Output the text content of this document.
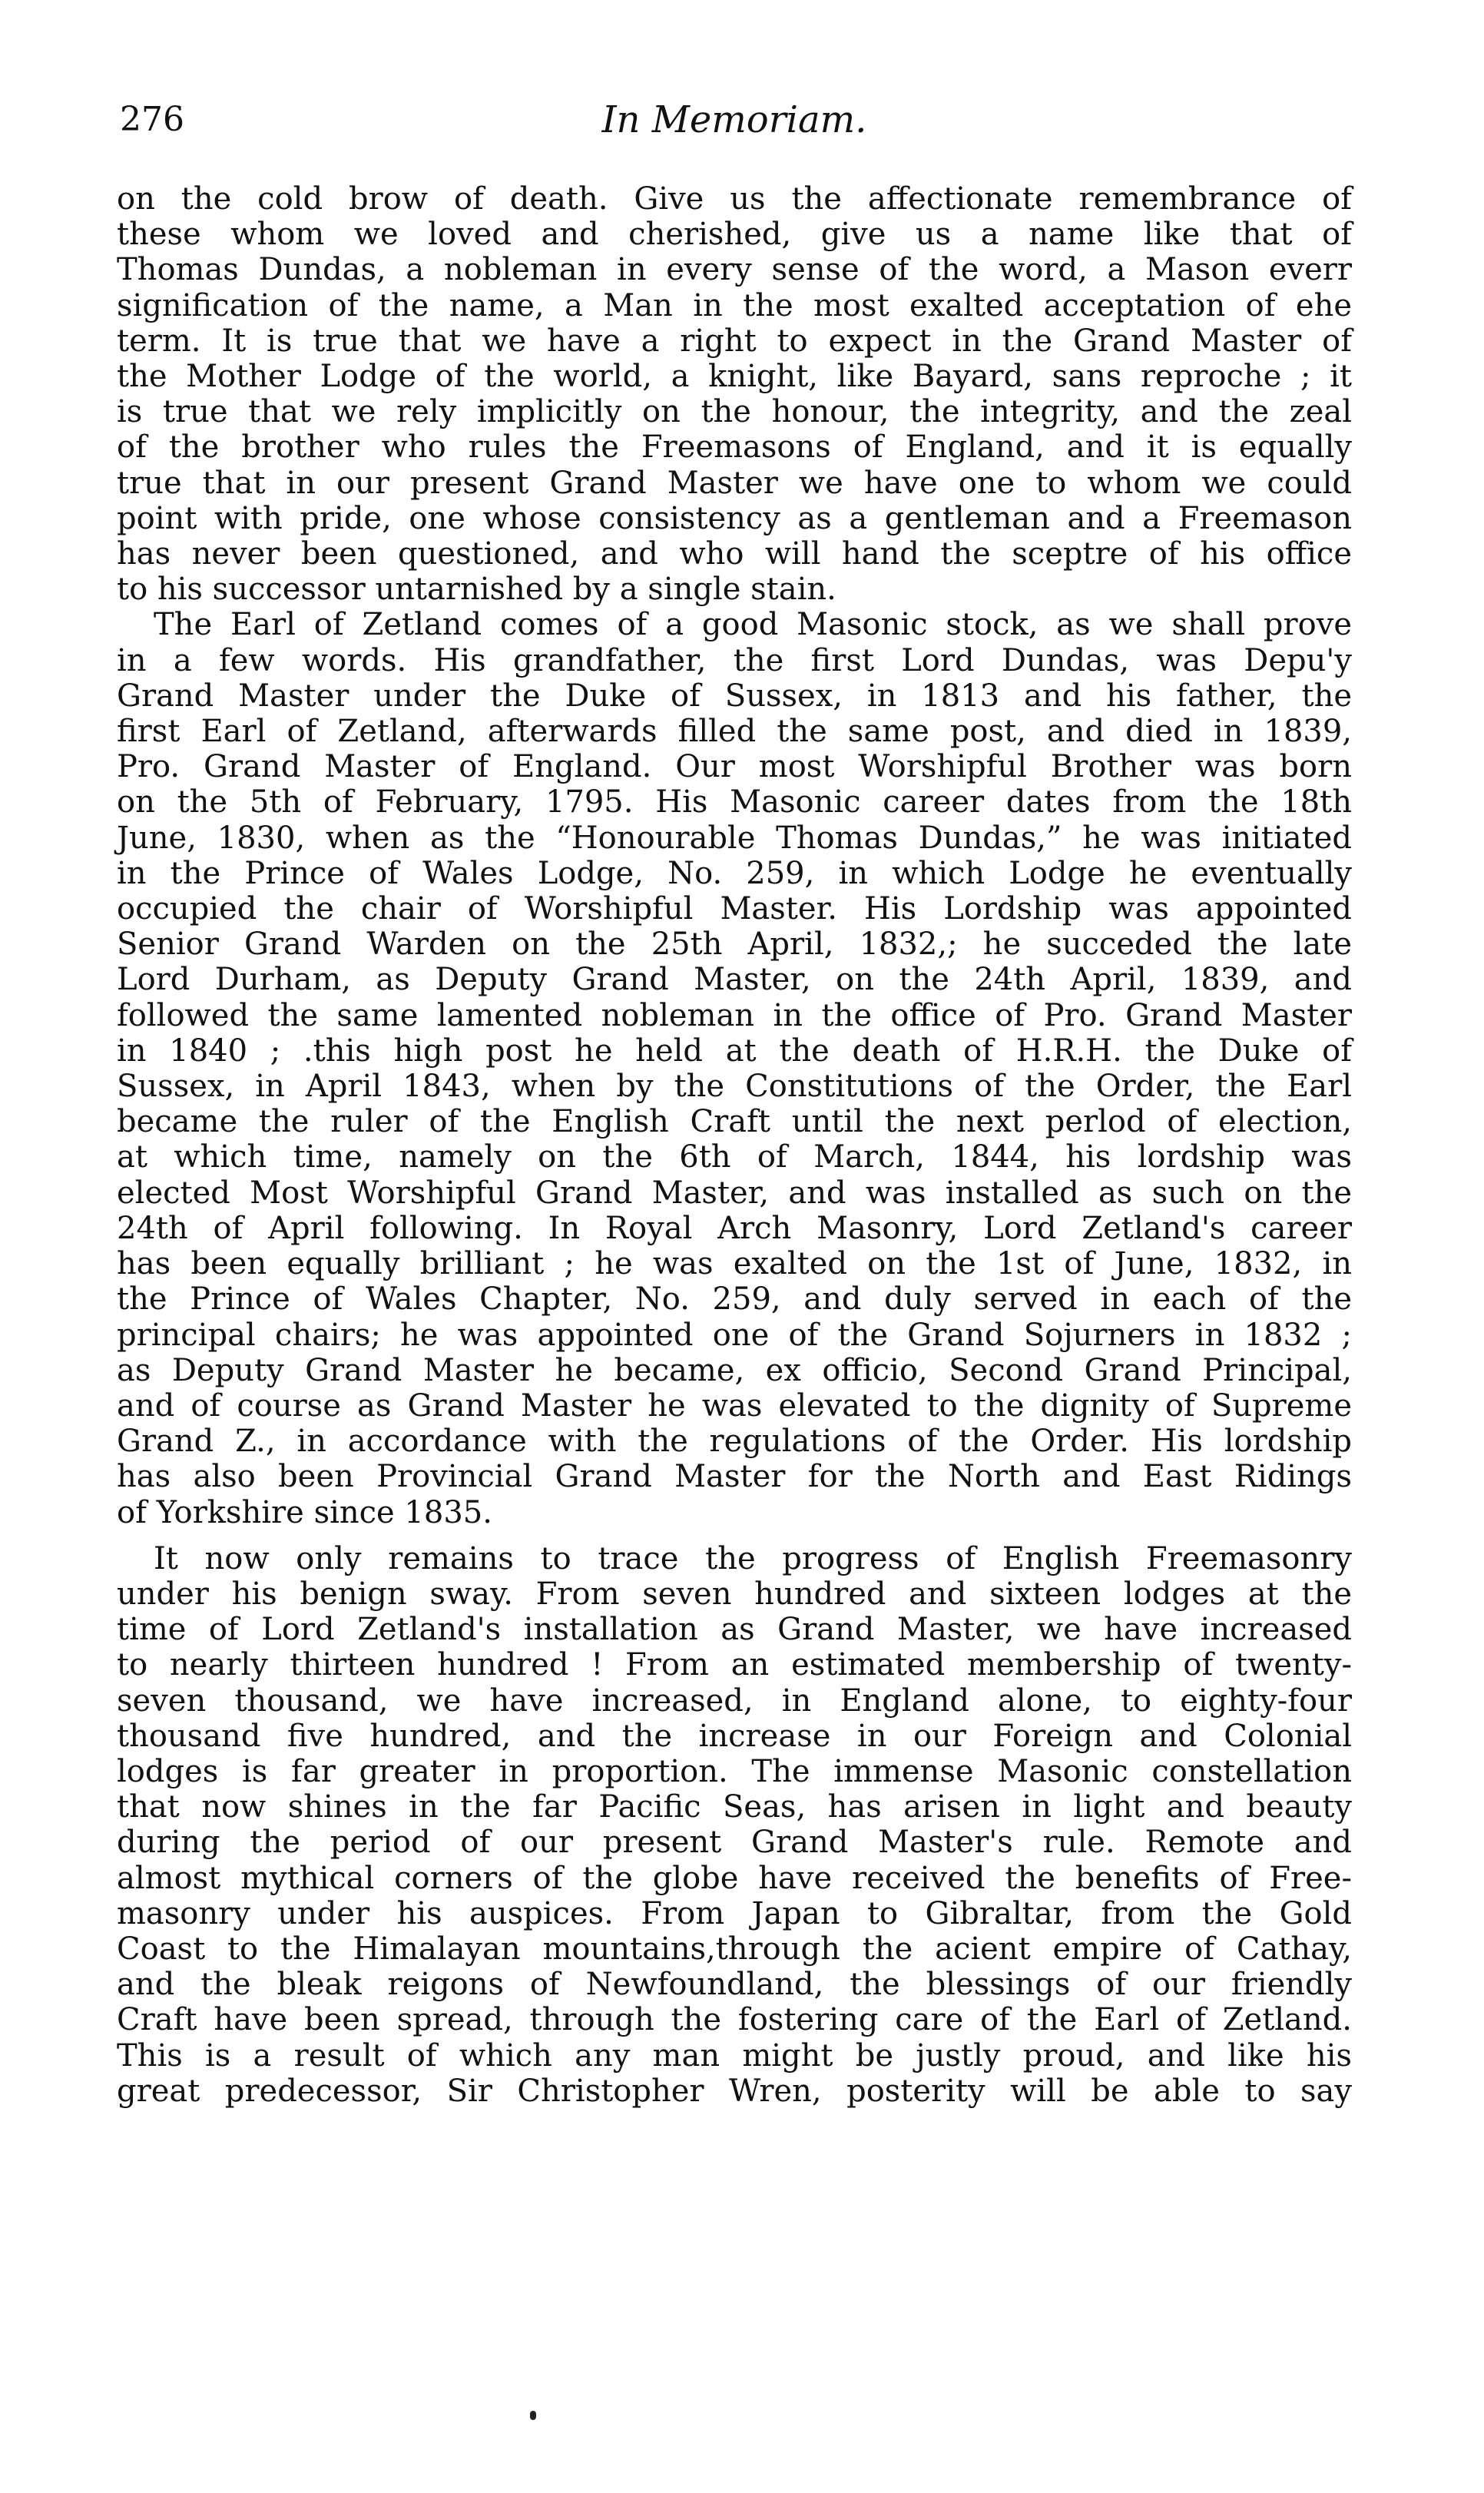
276	In Memoriam.
on the cold brow of death. Give us the affectionate remembrance of
these whom we loved and cherished, give us a name like that of
Thomas Dundas, a nobleman in every sense of the word, a Mason everr
signification of the name, a Man in the most exalted acceptation of ehe
term. It is true that we have a right to expect in the Grand Master of
the Mother Lodge of the world, a knight, like Bayard, sans reproche ; it
is true that we rely implicitly on the honour, the integrity, and the zeal
of the brother who rules the Freemasons of England, and it is equally
true that in our present Grand Master we have one to whom we could
point with pride, one whose consistency as a gentleman and a Freemason
has never been questioned, and who will hand the sceptre of his office
to his successor untarnished by a single stain.
The Earl of Zetland comes of a good Masonic stock, as we shall prove
in a few words. His grandfather, the first Lord Dundas, was Depu'y
Grand Master under the Duke of Sussex, in 1813 and his father, the
first Earl of Zetland, afterwards filled the same post, and died in 1839,
Pro. Grand Master of England. Our most Worshipful Brother was born
on the 5th of February, 1795. His Masonic career dates from the 18th
June, 1830, when as the “Honourable Thomas Dundas,” he was initiated
in the Prince of Wales Lodge, No. 259, in which Lodge he eventually
occupied the chair of Worshipful Master. His Lordship was appointed
Senior Grand Warden on the 25th April, 1832,; he succeded the late
Lord Durham, as Deputy Grand Master, on the 24th April, 1839, and
followed the same lamented nobleman in the office of Pro. Grand Master
in 1840 ; .this high post he held at the death of H.R.H. the Duke of
Sussex, in April 1843, when by the Constitutions of the Order, the Earl
became the ruler of the English Craft until the next perlod of election,
at which time, namely on the 6th of March, 1844, his lordship was
elected Most Worshipful Grand Master, and was installed as such on the
24th of April following. In Royal Arch Masonry, Lord Zetland's career
has been equally brilliant ; he was exalted on the 1st of June, 1832, in
the Prince of Wales Chapter, No. 259, and duly served in each of the
principal chairs; he was appointed one of the Grand Sojurners in 1832 ;
as Deputy Grand Master he became, ex officio, Second Grand Principal,
and of course as Grand Master he was elevated to the dignity of Supreme
Grand Z., in accordance with the regulations of the Order. His lordship
has also been Provincial Grand Master for the North and East Ridings
of Yorkshire since 1835.
It now only remains to trace the progress of English Freemasonry
under his benign sway. From seven hundred and sixteen lodges at the
time of Lord Zetland's installation as Grand Master, we have increased
to nearly thirteen hundred ! From an estimated membership of twenty-
seven thousand, we have increased, in England alone, to eighty-four
thousand five hundred, and the increase in our Foreign and Colonial
lodges is far greater in proportion. The immense Masonic constellation
that now shines in the far Pacific Seas, has arisen in light and beauty
during the period of our present Grand Master's rule. Remote and
almost mythical corners of the globe have received the benefits of Free-
masonry under his auspices. From Japan to Gibraltar, from the Gold
Coast to the Himalayan mountains,through the acient empire of Cathay,
and the bleak reigons of Newfoundland, the blessings of our friendly
Craft have been spread, through the fostering care of the Earl of Zetland.
This is a result of which any man might be justly proud, and like his
great predecessor, Sir Christopher Wren, posterity will be able to say
